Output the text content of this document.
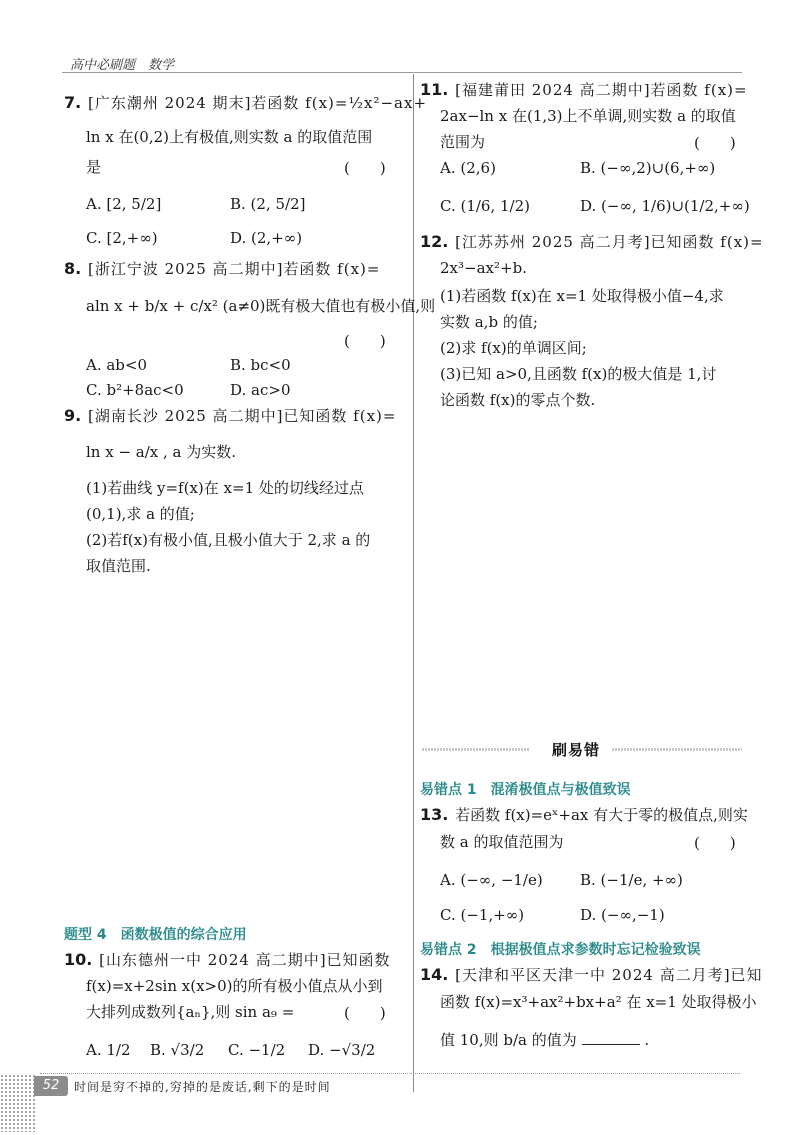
高中必刷题　数学
7. [广东潮州 2024 期末]若函数 f(x)=½x²−ax+
ln x 在(0,2)上有极值,则实数 a 的取值范围
是	(　　)
A. [2, 5/2]	B. (2, 5/2]
C. [2,+∞)	D. (2,+∞)
8. [浙江宁波 2025 高二期中]若函数 f(x)=
aln x + b/x + c/x² (a≠0)既有极大值也有极小值,则
(　　)
A. ab<0	B. bc<0
C. b²+8ac<0	D. ac>0
9. [湖南长沙 2025 高二期中]已知函数 f(x)=
ln x − a/x , a 为实数.
(1)若曲线 y=f(x)在 x=1 处的切线经过点
(0,1),求 a 的值;
(2)若f(x)有极小值,且极小值大于 2,求 a 的
取值范围.
题型 4　函数极值的综合应用
10. [山东德州一中 2024 高二期中]已知函数
f(x)=x+2sin x(x>0)的所有极小值点从小到
大排列成数列{aₙ},则 sin a₉ =	(　　)
A. 1/2 B. √3/2 C. −1/2 D. −√3/2
11. [福建莆田 2024 高二期中]若函数 f(x)=
2ax−ln x 在(1,3)上不单调,则实数 a 的取值
范围为	(　　)
A. (2,6)	B. (−∞,2)∪(6,+∞)
C. (1/6, 1/2)	D. (−∞, 1/6)∪(1/2,+∞)
12. [江苏苏州 2025 高二月考]已知函数 f(x)=
2x³−ax²+b.
(1)若函数 f(x)在 x=1 处取得极小值−4,求
实数 a,b 的值;
(2)求 f(x)的单调区间;
(3)已知 a>0,且函数 f(x)的极大值是 1,讨
论函数 f(x)的零点个数.
刷易错
易错点 1　混淆极值点与极值致误
13. 若函数 f(x)=eˣ+ax 有大于零的极值点,则实
数 a 的取值范围为	(　　)
A. (−∞, −1/e) B. (−1/e, +∞)
C. (−1,+∞)	D. (−∞,−1)
易错点 2　根据极值点求参数时忘记检验致误
14. [天津和平区天津一中 2024 高二月考]已知
函数 f(x)=x³+ax²+bx+a² 在 x=1 处取得极小
值 10,则 b/a 的值为	.
52	时间是穷不掉的,穷掉的是废话,剩下的是时间
